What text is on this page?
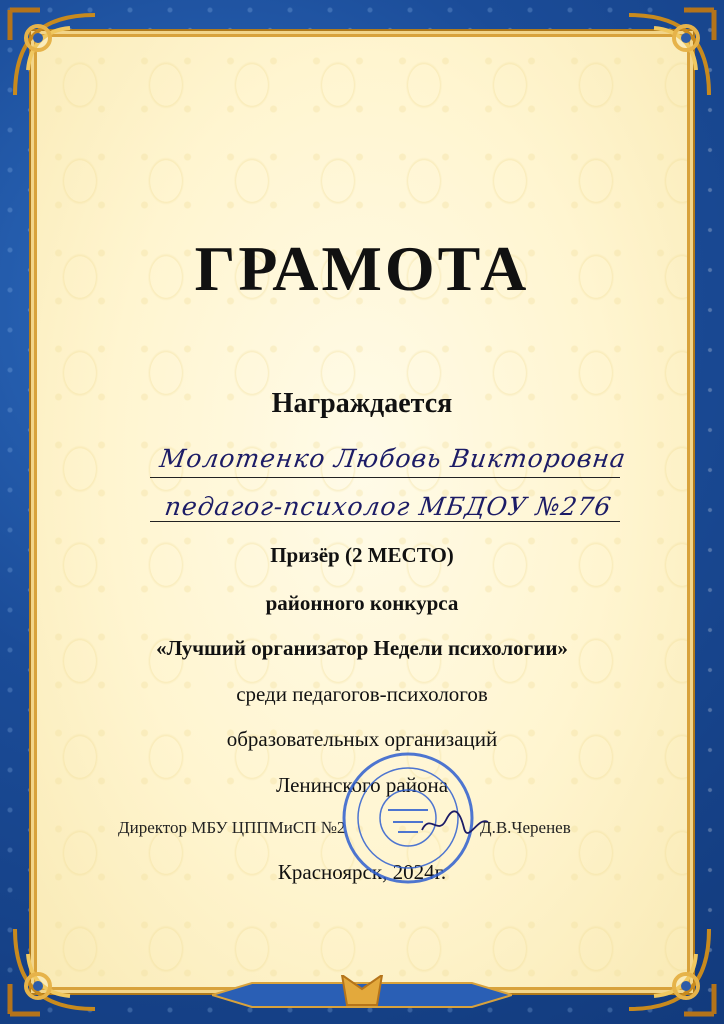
ГРАМОТА
Награждается
Молотенко Любовь Викторовна
педагог-психолог МБДОУ №276
Призёр (2 МЕСТО)
районного конкурса
«Лучший организатор Недели психологии»
среди педагогов-психологов
образовательных организаций
Ленинского района
Директор МБУ ЦППМиСП №2	Д.В.Черенев
Красноярск, 2024г.
